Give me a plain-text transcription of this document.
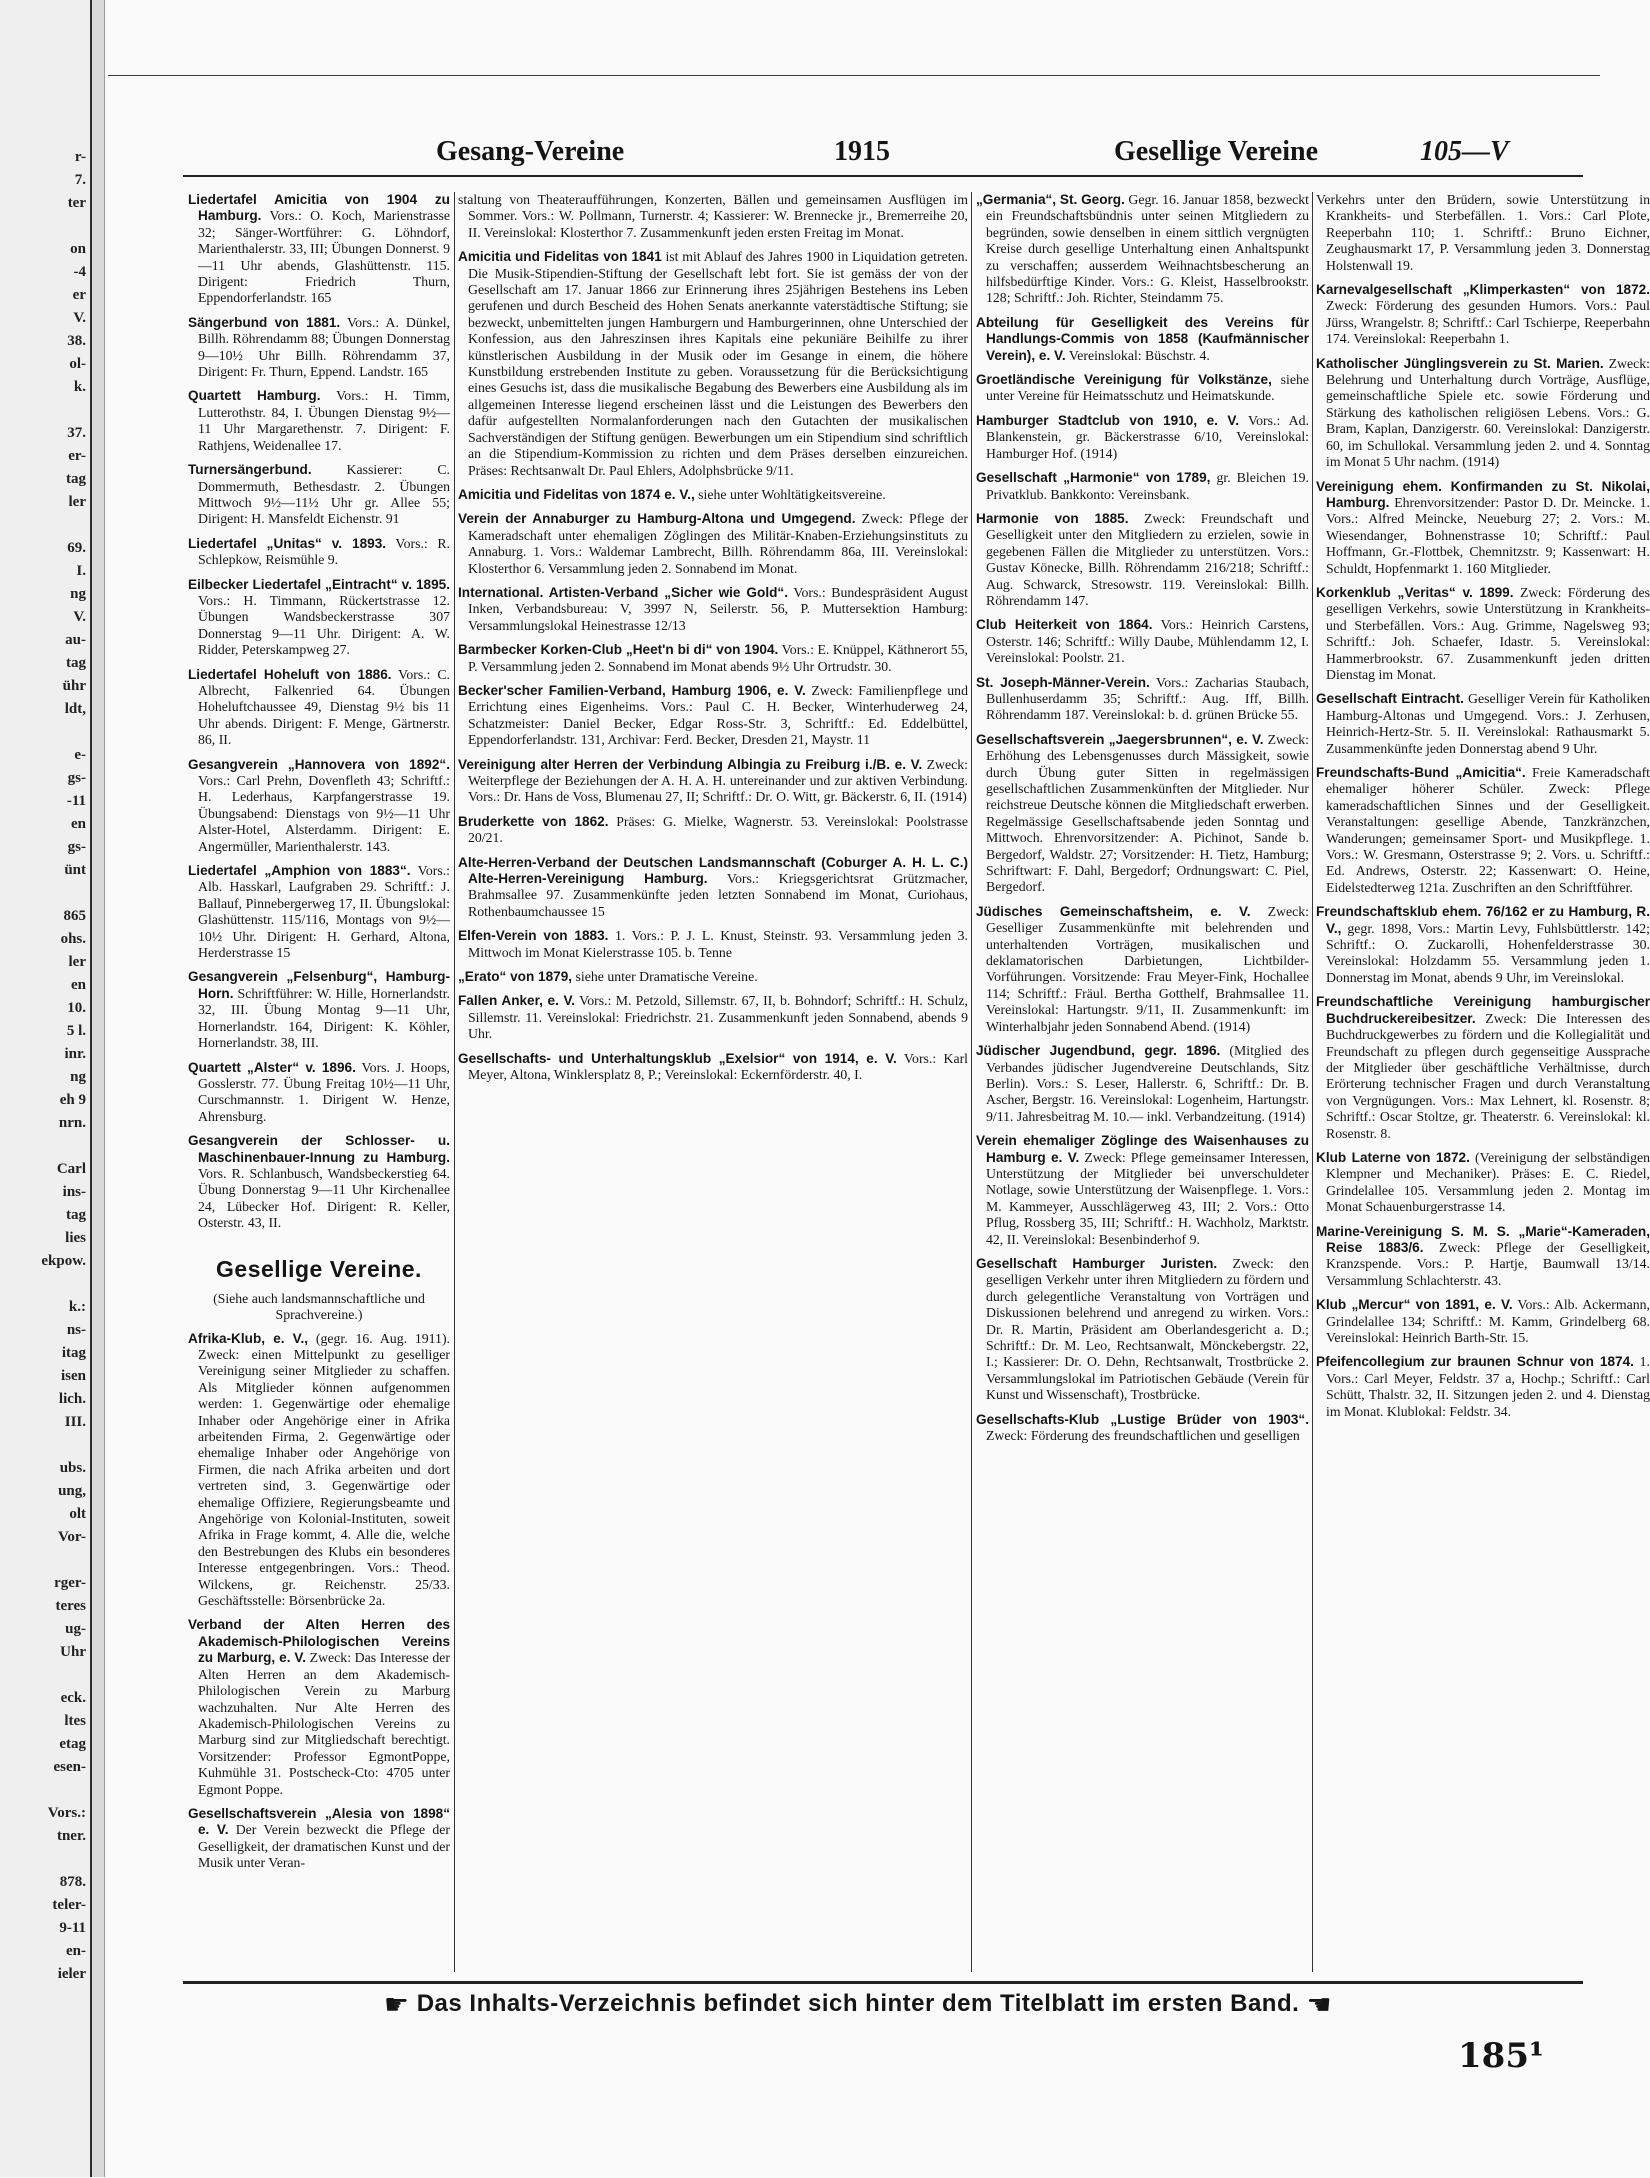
r-
7.
ter
on
-4
er
V.
38.
ol-
k.
37.
er-
tag
ler
69.
I.
ng
V.
au-
tag
ühr
ldt,
e-
gs-
-11
en
gs-
ünt
865
ohs.
ler
en
10.
5 l.
inr.
ng
eh 9
nrn.
Carl
ins-
tag
lies
ekpow.
k.:
ns-
itag
isen
lich.
III.
ubs.
ung,
olt
Vor-
rger-
teres
ug-
Uhr
eck.
ltes
etag
esen-
Vors.:
tner.
878.
teler-
9-11
en-
ieler
Gesang-Vereine	1915	Gesellige Vereine	105—V

Liedertafel Amicitia von 1904 zu Hamburg. Vors.: O. Koch, Marienstrasse 32; Sänger-Wortführer: G. Löhndorf, Marienthalerstr. 33, III; Übungen Donnerst. 9—11 Uhr abends, Glashüttenstr. 115. Dirigent: Friedrich Thurn, Eppendorferlandstr. 165

Sängerbund von 1881. Vors.: A. Dünkel, Billh. Röhrendamm 88; Übungen Donnerstag 9—10½ Uhr Billh. Röhrendamm 37, Dirigent: Fr. Thurn, Eppend. Landstr. 165

Quartett Hamburg. Vors.: H. Timm, Lutterothstr. 84, I. Übungen Dienstag 9½—11 Uhr Margarethenstr. 7. Dirigent: F. Rathjens, Weidenallee 17.

Turnersängerbund.	Kassierer: C. Dommermuth, Bethesdastr. 2. Übungen Mittwoch 9½—11½ Uhr gr. Allee 55; Dirigent: H. Mansfeldt Eichenstr. 91

Liedertafel „Unitas“ v. 1893. Vors.: R. Schlepkow, Reismühle 9.

Eilbecker Liedertafel „Eintracht“ v. 1895. Vors.: H. Timmann, Rückertstrasse 12. Übungen Wandsbeckerstrasse 307 Donnerstag 9—11 Uhr. Dirigent: A. W. Ridder, Peterskampweg 27.

Liedertafel Hoheluft von 1886. Vors.: C. Albrecht, Falkenried 64. Übungen Hoheluftchaussee 49, Dienstag 9½ bis 11 Uhr abends. Dirigent: F. Menge, Gärtnerstr. 86, II.

Gesangverein „Hannovera von 1892“. Vors.: Carl Prehn, Dovenfleth 43; Schriftf.: H. Lederhaus, Karpfangerstrasse 19. Übungsabend: Dienstags von 9½—11 Uhr Alster-Hotel, Alsterdamm. Dirigent: E. Angermüller, Marienthalerstr. 143.

Liedertafel „Amphion von 1883“. Vors.: Alb. Hasskarl, Laufgraben 29. Schriftf.: J. Ballauf, Pinnebergerweg 17, II. Übungslokal: Glashüttenstr. 115/116, Montags von 9½—10½ Uhr. Dirigent: H. Gerhard, Altona, Herderstrasse 15

Gesangverein „Felsenburg“, Hamburg-Horn. Schriftführer: W. Hille, Hornerlandstr. 32, III. Übung Montag 9—11 Uhr, Hornerlandstr. 164, Dirigent: K. Köhler, Hornerlandstr. 38, III.

Quartett „Alster“ v. 1896. Vors. J. Hoops, Gosslerstr. 77. Übung Freitag 10½—11 Uhr, Curschmannstr. 1. Dirigent W. Henze, Ahrensburg.

Gesangverein der Schlosser- u. Maschinenbauer-Innung zu Hamburg. Vors. R. Schlanbusch, Wandsbeckerstieg 64. Übung Donnerstag 9—11 Uhr Kirchenallee 24, Lübecker Hof. Dirigent: R. Keller, Osterstr. 43, II.

Gesellige Vereine.
(Siehe auch landsmannschaftliche und Sprachvereine.)

Afrika-Klub, e. V., (gegr. 16. Aug. 1911). Zweck: einen Mittelpunkt zu geselliger Vereinigung seiner Mitglieder zu schaffen. Als Mitglieder können aufgenommen werden: 1. Gegenwärtige oder ehemalige Inhaber oder Angehörige einer in Afrika arbeitenden Firma, 2. Gegenwärtige oder ehemalige Inhaber oder Angehörige von Firmen, die nach Afrika arbeiten und dort vertreten sind, 3. Gegenwärtige oder ehemalige Offiziere, Regierungsbeamte und Angehörige von Kolonial-Instituten, soweit Afrika in Frage kommt, 4. Alle die, welche den Bestrebungen des Klubs ein besonderes Interesse entgegenbringen. Vors.: Theod. Wilckens, gr. Reichenstr. 25/33. Geschäftsstelle: Börsenbrücke 2a.

Verband der Alten Herren des Akademisch-Philologischen Vereins zu Marburg, e. V. Zweck: Das Interesse der Alten Herren an dem Akademisch-Philologischen Verein zu Marburg wachzuhalten. Nur Alte Herren des Akademisch-Philologischen Vereins zu Marburg sind zur Mitgliedschaft berechtigt. Vorsitzender: Professor EgmontPoppe, Kuhmühle 31. Postscheck-Cto: 4705 unter Egmont Poppe.

Gesellschaftsverein „Alesia von 1898“ e. V. Der Verein bezweckt die Pflege der Geselligkeit, der dramatischen Kunst und der Musik unter Veran-

staltung von Theateraufführungen, Konzerten, Bällen und gemeinsamen Ausflügen im Sommer. Vors.: W. Pollmann, Turnerstr. 4; Kassierer: W. Brennecke jr., Bremerreihe 20, II. Vereinslokal: Klosterthor 7. Zusammenkunft jeden ersten Freitag im Monat.

Amicitia und Fidelitas von 1841 ist mit Ablauf des Jahres 1900 in Liquidation getreten. Die Musik-Stipendien-Stiftung der Gesellschaft lebt fort. Sie ist gemäss der von der Gesellschaft am 17. Januar 1866 zur Erinnerung ihres 25jährigen Bestehens ins Leben gerufenen und durch Bescheid des Hohen Senats anerkannte vaterstädtische Stiftung; sie bezweckt, unbemittelten jungen Hamburgern und Hamburgerinnen, ohne Unterschied der Konfession, aus den Jahreszinsen ihres Kapitals eine pekuniäre Beihilfe zu ihrer künstlerischen Ausbildung in der Musik oder im Gesange in einem, die höhere Kunstbildung erstrebenden Institute zu geben. Voraussetzung für die Berücksichtigung eines Gesuchs ist, dass die musikalische Begabung des Bewerbers eine Ausbildung als im allgemeinen Interesse liegend erscheinen lässt und die Leistungen des Bewerbers den dafür aufgestellten Normalanforderungen nach den Gutachten der musikalischen Sachverständigen der Stiftung genügen. Bewerbungen um ein Stipendium sind schriftlich an die Stipendium-Kommission zu richten und dem Präses derselben einzureichen. Präses: Rechtsanwalt Dr. Paul Ehlers, Adolphsbrücke 9/11.

Amicitia und Fidelitas von 1874 e. V., siehe unter Wohltätigkeitsvereine.

Verein der Annaburger zu Hamburg-Altona und Umgegend. Zweck: Pflege der Kameradschaft unter ehemaligen Zöglingen des Militär-Knaben-Erziehungsinstituts zu Annaburg. 1. Vors.: Waldemar Lambrecht, Billh. Röhrendamm 86a, III. Vereinslokal: Klosterthor 6. Versammlung jeden 2. Sonnabend im Monat.

International. Artisten-Verband „Sicher wie Gold“. Vors.: Bundespräsident August Inken, Verbandsbureau: V, 3997 N, Seilerstr. 56, P. Muttersektion Hamburg: Versammlungslokal Heinestrasse 12/13

Barmbecker Korken-Club „Heet'n bi di“ von 1904. Vors.: E. Knüppel, Käthnerort 55, P. Versammlung jeden 2. Sonnabend im Monat abends 9½ Uhr Ortrudstr. 30.

Becker'scher Familien-Verband, Hamburg 1906, e. V. Zweck: Familienpflege und Errichtung eines Eigenheims. Vors.: Paul C. H. Becker, Winterhuderweg 24, Schatzmeister: Daniel Becker, Edgar Ross-Str. 3, Schriftf.: Ed. Eddelbüttel, Eppendorferlandstr. 131, Archivar: Ferd. Becker, Dresden 21, Maystr. 11

Vereinigung alter Herren der Verbindung Albingia zu Freiburg i./B. e. V. Zweck: Weiterpflege der Beziehungen der A. H. A. H. untereinander und zur aktiven Verbindung. Vors.: Dr. Hans de Voss, Blumenau 27, II; Schriftf.: Dr. O. Witt, gr. Bäckerstr. 6, II. (1914)

Bruderkette von 1862. Präses: G. Mielke, Wagnerstr. 53. Vereinslokal: Poolstrasse 20/21.

Alte-Herren-Verband der Deutschen Landsmannschaft (Coburger A. H. L. C.) Alte-Herren-Vereinigung Hamburg. Vors.: Kriegsgerichtsrat Grützmacher, Brahmsallee 97. Zusammenkünfte jeden letzten Sonnabend im Monat, Curiohaus, Rothenbaumchaussee 15

Elfen-Verein von 1883. 1. Vors.: P. J. L. Knust, Steinstr. 93. Versammlung jeden 3. Mittwoch im Monat Kielerstrasse 105. b. Tenne

„Erato“ von 1879, siehe unter Dramatische Vereine.

Fallen Anker, e. V. Vors.: M. Petzold, Sillemstr. 67, II, b. Bohndorf; Schriftf.: H. Schulz, Sillemstr. 11. Vereinslokal: Friedrichstr. 21. Zusammenkunft jeden Sonnabend, abends 9 Uhr.

Gesellschafts- und Unterhaltungsklub „Exelsior“ von 1914, e. V. Vors.: Karl Meyer, Altona, Winklersplatz 8, P.; Vereinslokal: Eckernförderstr. 40, I.

„Germania“, St. Georg. Gegr. 16. Januar 1858, bezweckt ein Freundschaftsbündnis unter seinen Mitgliedern zu begründen, sowie denselben in einem sittlich vergnügten Kreise durch gesellige Unterhaltung einen Anhaltspunkt zu verschaffen; ausserdem Weihnachtsbescherung an hilfsbedürftige Kinder. Vors.: G. Kleist, Hasselbrookstr. 128; Schriftf.: Joh. Richter, Steindamm 75.

Abteilung für Geselligkeit des Vereins für Handlungs-Commis von 1858 (Kaufmännischer Verein), e. V. Vereinslokal: Büschstr. 4.

Groetländische Vereinigung für Volkstänze, siehe unter Vereine für Heimatsschutz und Heimatskunde.

Hamburger Stadtclub von 1910, e. V. Vors.: Ad. Blankenstein, gr. Bäckerstrasse 6/10, Vereinslokal: Hamburger Hof. (1914)

Gesellschaft „Harmonie“ von 1789, gr. Bleichen 19. Privatklub. Bankkonto: Vereinsbank.

Harmonie von 1885. Zweck: Freundschaft und Geselligkeit unter den Mitgliedern zu erzielen, sowie in gegebenen Fällen die Mitglieder zu unterstützen. Vors.: Gustav Könecke, Billh. Röhrendamm 216/218; Schriftf.: Aug. Schwarck, Stresowstr. 119. Vereinslokal: Billh. Röhrendamm 147.

Club Heiterkeit von 1864. Vors.: Heinrich Carstens, Osterstr. 146; Schriftf.: Willy Daube, Mühlendamm 12, I. Vereinslokal: Poolstr. 21.

St. Joseph-Männer-Verein. Vors.: Zacharias Staubach, Bullenhuserdamm 35; Schriftf.: Aug. Iff, Billh. Röhrendamm 187. Vereinslokal: b. d. grünen Brücke 55.

Gesellschaftsverein „Jaegersbrunnen“, e. V. Zweck: Erhöhung des Lebensgenusses durch Mässigkeit, sowie durch Übung guter Sitten in regelmässigen gesellschaftlichen Zusammenkünften der Mitglieder. Nur reichstreue Deutsche können die Mitgliedschaft erwerben. Regelmässige Gesellschaftsabende jeden Sonntag und Mittwoch. Ehrenvorsitzender: A. Pichinot, Sande b. Bergedorf, Waldstr. 27; Vorsitzender: H. Tietz, Hamburg; Schriftwart: F. Dahl, Bergedorf; Ordnungswart: C. Piel, Bergedorf.

Jüdisches Gemeinschaftsheim, e. V. Zweck: Geselliger Zusammenkünfte mit belehrenden und unterhaltenden Vorträgen, musikalischen und deklamatorischen Darbietungen, Lichtbilder-Vorführungen. Vorsitzende: Frau Meyer-Fink, Hochallee 114; Schriftf.: Fräul. Bertha Gotthelf, Brahmsallee 11. Vereinslokal: Hartungstr. 9/11, II. Zusammenkunft: im Winterhalbjahr jeden Sonnabend Abend. (1914)

Jüdischer Jugendbund, gegr. 1896. (Mitglied des Verbandes jüdischer Jugendvereine Deutschlands, Sitz Berlin). Vors.: S. Leser, Hallerstr. 6, Schriftf.: Dr. B. Ascher, Bergstr. 16. Vereinslokal: Logenheim, Hartungstr. 9/11. Jahresbeitrag M. 10.— inkl. Verbandzeitung. (1914)

Verein ehemaliger Zöglinge des Waisenhauses zu Hamburg e. V. Zweck: Pflege gemeinsamer Interessen, Unterstützung der Mitglieder bei unverschuldeter Notlage, sowie Unterstützung der Waisenpflege. 1. Vors.: M. Kammeyer, Ausschlägerweg 43, III; 2. Vors.: Otto Pflug, Rossberg 35, III; Schriftf.: H. Wachholz, Marktstr. 42, II. Vereinslokal: Besenbinderhof 9.

Gesellschaft Hamburger Juristen. Zweck: den geselligen Verkehr unter ihren Mitgliedern zu fördern und durch gelegentliche Veranstaltung von Vorträgen und Diskussionen belehrend und anregend zu wirken. Vors.: Dr. R. Martin, Präsident am Oberlandesgericht a. D.; Schriftf.: Dr. M. Leo, Rechtsanwalt, Mönckebergstr. 22, I.; Kassierer: Dr. O. Dehn, Rechtsanwalt, Trostbrücke 2. Versammlungslokal im Patriotischen Gebäude (Verein für Kunst und Wissenschaft), Trostbrücke.

Gesellschafts-Klub „Lustige Brüder von 1903“. Zweck: Förderung des freundschaftlichen und geselligen

Verkehrs unter den Brüdern, sowie Unterstützung in Krankheits- und Sterbefällen. 1. Vors.: Carl Plote, Reeperbahn 110; 1. Schriftf.: Bruno Eichner, Zeughausmarkt 17, P. Versammlung jeden 3. Donnerstag Holstenwall 19.

Karnevalgesellschaft „Klimperkasten“ von 1872. Zweck: Förderung des gesunden Humors. Vors.: Paul Jürss, Wrangelstr. 8; Schriftf.: Carl Tschierpe, Reeperbahn 174. Vereinslokal: Reeperbahn 1.

Katholischer Jünglingsverein zu St. Marien. Zweck: Belehrung und Unterhaltung durch Vorträge, Ausflüge, gemeinschaftliche Spiele etc. sowie Förderung und Stärkung des katholischen religiösen Lebens. Vors.: G. Bram, Kaplan, Danzigerstr. 60. Vereinslokal: Danzigerstr. 60, im Schullokal. Versammlung jeden 2. und 4. Sonntag im Monat 5 Uhr nachm. (1914)

Vereinigung ehem. Konfirmanden zu St. Nikolai, Hamburg. Ehrenvorsitzender: Pastor D. Dr. Meincke. 1. Vors.: Alfred Meincke, Neueburg 27; 2. Vors.: M. Wiesendanger, Bohnenstrasse 10; Schriftf.: Paul Hoffmann, Gr.-Flottbek, Chemnitzstr. 9; Kassenwart: H. Schuldt, Hopfenmarkt 1. 160 Mitglieder.

Korkenklub „Veritas“ v. 1899. Zweck: Förderung des geselligen Verkehrs, sowie Unterstützung in Krankheits- und Sterbefällen. Vors.: Aug. Grimme, Nagelsweg 93; Schriftf.: Joh. Schaefer, Idastr. 5. Vereinslokal: Hammerbrookstr. 67. Zusammenkunft jeden dritten Dienstag im Monat.

Gesellschaft Eintracht. Geselliger Verein für Katholiken Hamburg-Altonas und Umgegend. Vors.: J. Zerhusen, Heinrich-Hertz-Str. 5. II. Vereinslokal: Rathausmarkt 5. Zusammenkünfte jeden Donnerstag abend 9 Uhr.

Freundschafts-Bund „Amicitia“. Freie Kameradschaft ehemaliger höherer Schüler. Zweck: Pflege kameradschaftlichen Sinnes und der Geselligkeit. Veranstaltungen: gesellige Abende, Tanzkränzchen, Wanderungen; gemeinsamer Sport- und Musikpflege. 1. Vors.: W. Gresmann, Osterstrasse 9; 2. Vors. u. Schriftf.: Ed. Andrews, Osterstr. 22; Kassenwart: O. Heine, Eidelstedterweg 121a. Zuschriften an den Schriftführer.

Freundschaftsklub ehem. 76/162 er zu Hamburg, R. V., gegr. 1898, Vors.: Martin Levy, Fuhlsbüttlerstr. 142; Schriftf.: O. Zuckarolli, Hohenfelderstrasse 30. Vereinslokal: Holzdamm 55. Versammlung jeden 1. Donnerstag im Monat, abends 9 Uhr, im Vereinslokal.

Freundschaftliche Vereinigung hamburgischer Buchdruckereibesitzer. Zweck: Die Interessen des Buchdruckgewerbes zu fördern und die Kollegialität und Freundschaft zu pflegen durch gegenseitige Aussprache der Mitglieder über geschäftliche Verhältnisse, durch Erörterung technischer Fragen und durch Veranstaltung von Vergnügungen. Vors.: Max Lehnert, kl. Rosenstr. 8; Schriftf.: Oscar Stoltze, gr. Theaterstr. 6. Vereinslokal: kl. Rosenstr. 8.

Klub Laterne von 1872. (Vereinigung der selbständigen Klempner und Mechaniker). Präses: E. C. Riedel, Grindelallee 105. Versammlung jeden 2. Montag im Monat Schauenburgerstrasse 14.

Marine-Vereinigung S. M. S. „Marie“-Kameraden, Reise 1883/6. Zweck: Pflege der Geselligkeit, Kranzspende. Vors.: P. Hartje, Baumwall 13/14. Versammlung Schlachterstr. 43.

Klub „Mercur“ von 1891, e. V. Vors.: Alb. Ackermann, Grindelallee 134; Schriftf.: M. Kamm, Grindelberg 68. Vereinslokal: Heinrich Barth-Str. 15.

Pfeifencollegium zur braunen Schnur von 1874. 1. Vors.: Carl Meyer, Feldstr. 37 a, Hochp.; Schriftf.: Carl Schütt, Thalstr. 32, II. Sitzungen jeden 2. und 4. Dienstag im Monat. Klublokal: Feldstr. 34.

☛ Das Inhalts-Verzeichnis befindet sich hinter dem Titelblatt im ersten Band. ☚
185¹
